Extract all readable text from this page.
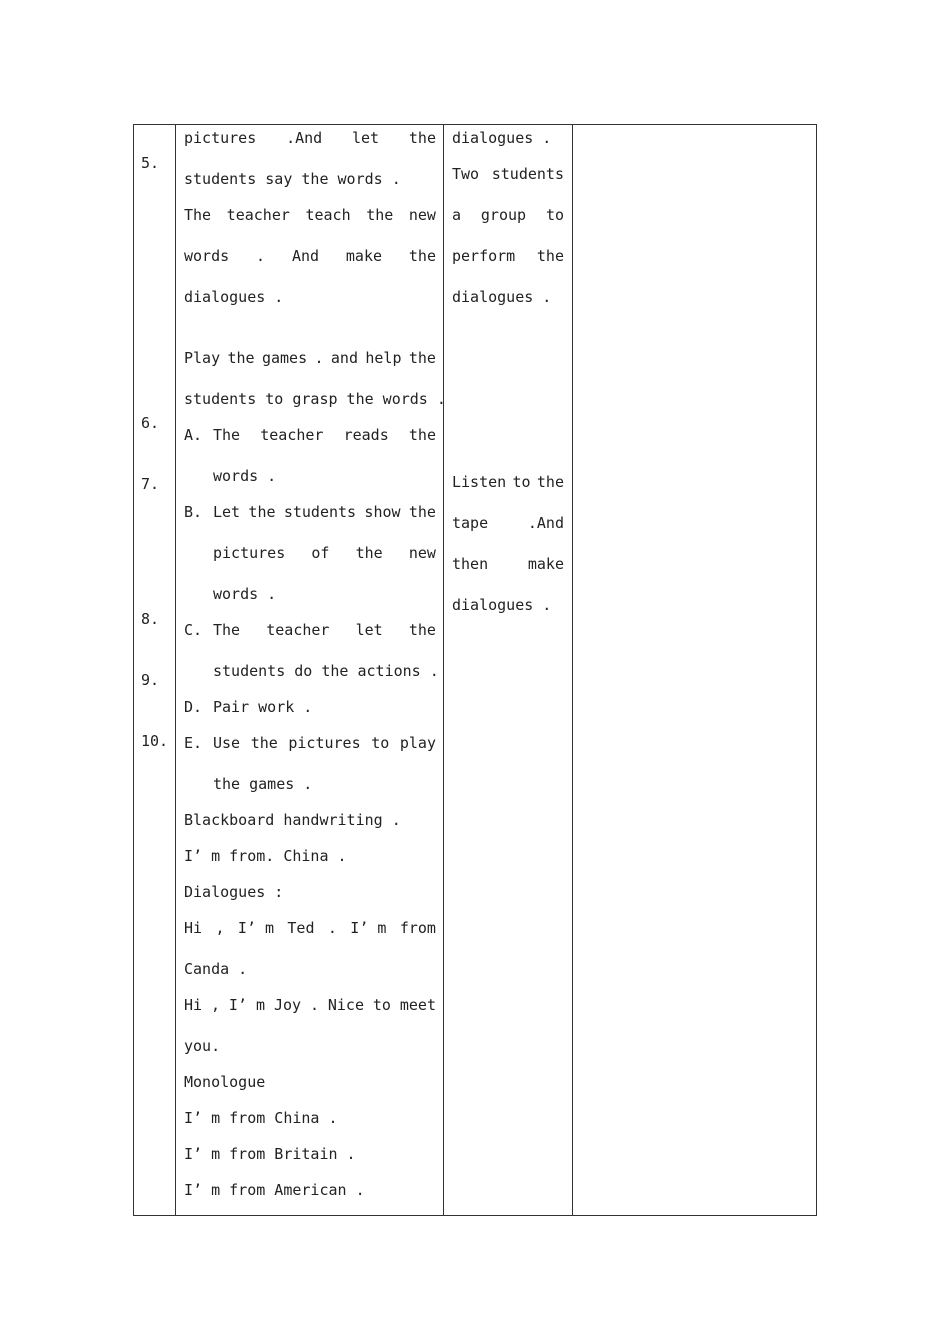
5.
6.
7.
8.
9.
10.
pictures .And let the
students say the words .
The teacher teach the new
words . And make the
dialogues .
Play the games . and help the
students to grasp the words .
A. The teacher reads the
words .
B. Let the students show the
pictures of the new
words .
C. The teacher let the
students do the actions .
D. Pair work .
E. Use the pictures to play
the games .
Blackboard handwriting .
I’ m from. China .
Dialogues :
Hi , I’ m Ted . I’ m from
Canda .
Hi , I’ m Joy . Nice to meet
you.
Monologue
I’ m from China .
I’ m from Britain .
I’ m from American .
dialogues .
Two students
a group to
perform the
dialogues .
Listen to the
tape	.And
then	make
dialogues .
